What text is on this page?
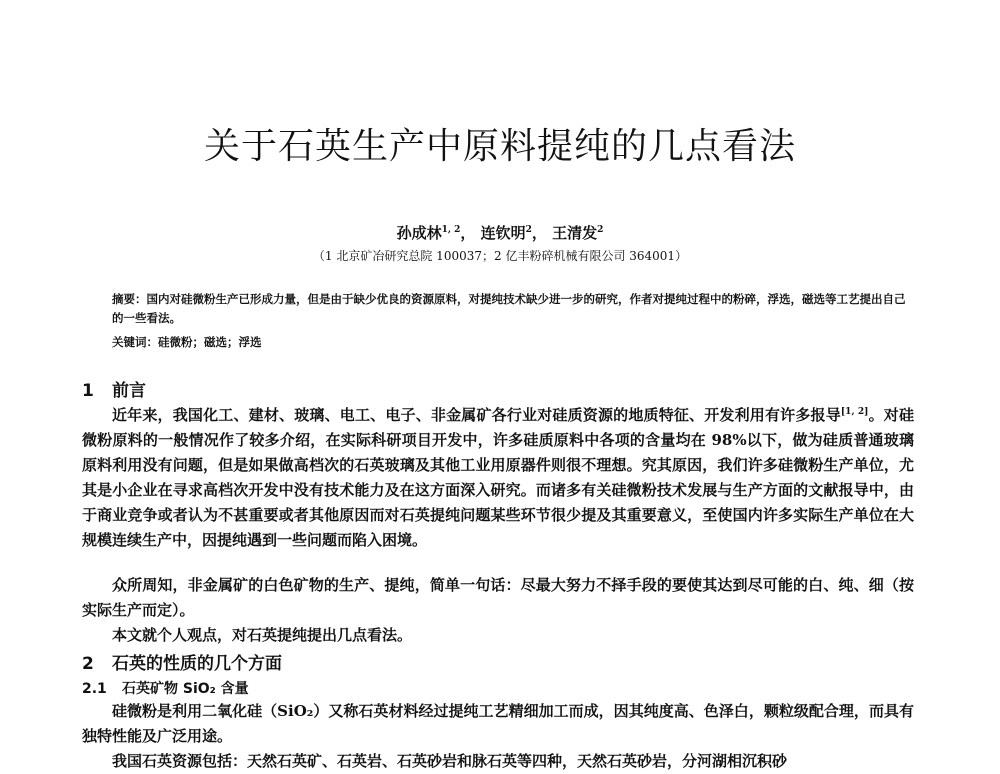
关于石英生产中原料提纯的几点看法
孙成林$^{1, 2}$， 连钦明$^2$， 王清发$^2$
（1 北京矿冶研究总院 100037；2 亿丰粉碎机械有限公司 364001）
摘要：国内对硅微粉生产已形成力量，但是由于缺少优良的资源原料，对提纯技术缺少进一步的研究，作者对提纯过程中的粉碎，浮选，磁选等工艺提出自己的一些看法。
关键词：硅微粉；磁选；浮选
1 前言
近年来，我国化工、建材、玻璃、电工、电子、非金属矿各行业对硅质资源的地质特征、开发利用有许多报导[1, 2]。对硅微粉原料的一般情况作了较多介绍，在实际科研项目开发中，许多硅质原料中各项的含量均在 98%以下，做为硅质普通玻璃原料利用没有问题，但是如果做高档次的石英玻璃及其他工业用原器件则很不理想。究其原因，我们许多硅微粉生产单位，尤其是小企业在寻求高档次开发中没有技术能力及在这方面深入研究。而诸多有关硅微粉技术发展与生产方面的文献报导中，由于商业竞争或者认为不甚重要或者其他原因而对石英提纯问题某些环节很少提及其重要意义，至使国内许多实际生产单位在大规模连续生产中，因提纯遇到一些问题而陷入困境。
众所周知，非金属矿的白色矿物的生产、提纯，简单一句话：尽最大努力不择手段的要使其达到尽可能的白、纯、细（按实际生产而定）。
本文就个人观点，对石英提纯提出几点看法。
2 石英的性质的几个方面
2.1 石英矿物 SiO₂ 含量
硅微粉是利用二氧化硅（SiO₂）又称石英材料经过提纯工艺精细加工而成，因其纯度高、色泽白，颗粒级配合理，而具有独特性能及广泛用途。
我国石英资源包括：天然石英矿、石英岩、石英砂岩和脉石英等四种，天然石英砂岩，分河湖相沉积砂
